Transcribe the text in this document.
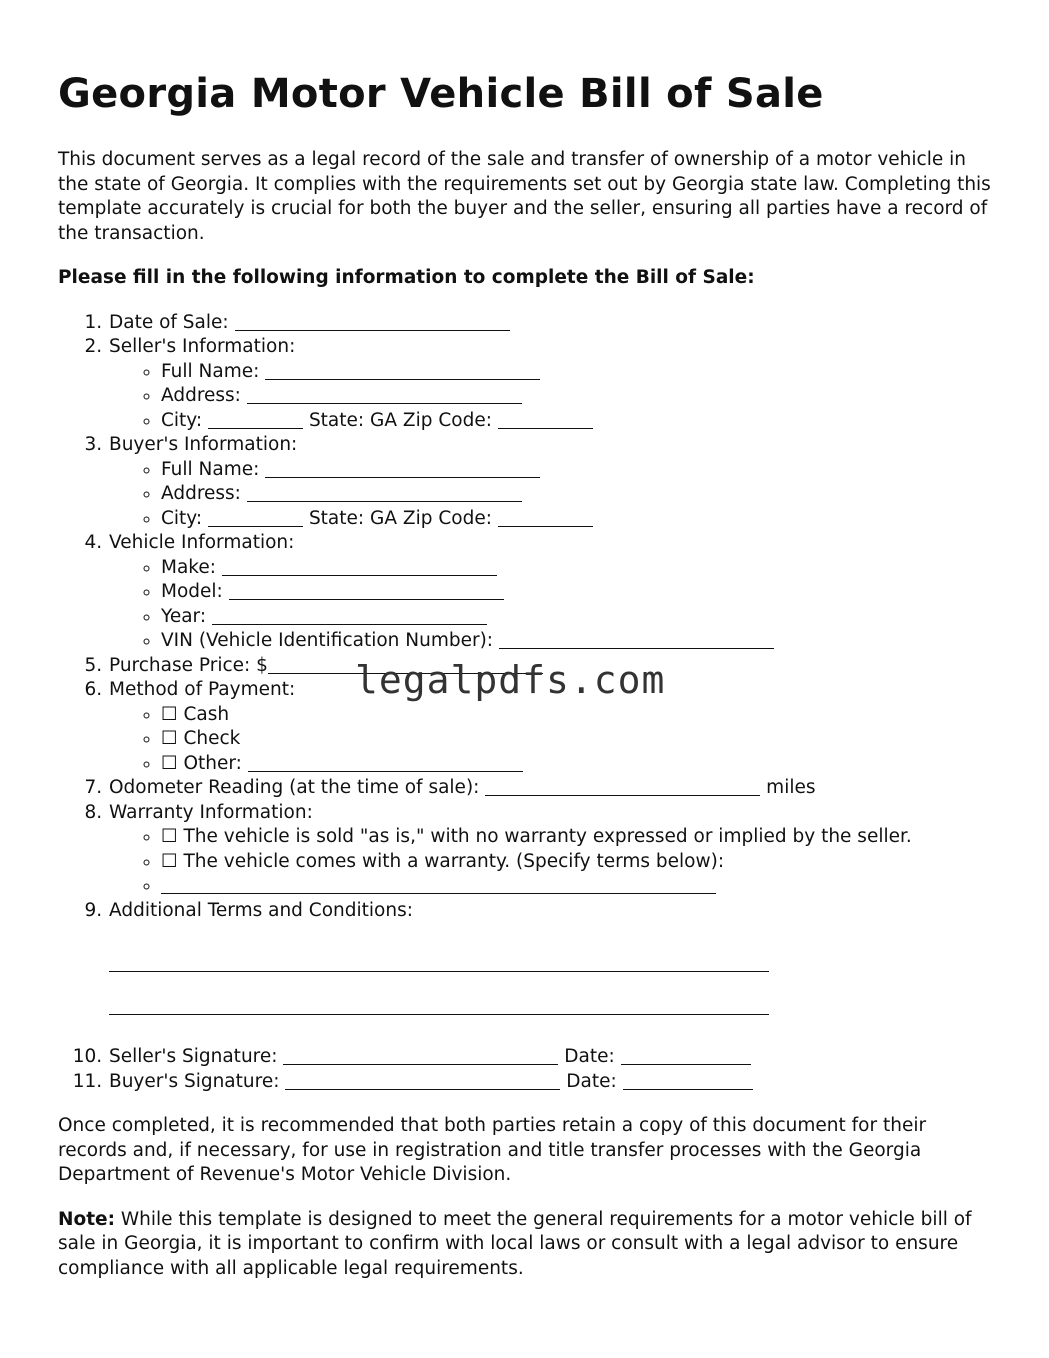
Georgia Motor Vehicle Bill of Sale

This document serves as a legal record of the sale and transfer of ownership of a motor vehicle in the state of Georgia. It complies with the requirements set out by Georgia state law. Completing this template accurately is crucial for both the buyer and the seller, ensuring all parties have a record of the transaction.

Please fill in the following information to complete the Bill of Sale:

1. Date of Sale:
2. Seller's Information:
◦ Full Name:
◦ Address:
◦ City:	State: GA Zip Code:
3. Buyer's Information:
◦ Full Name:
◦ Address:
◦ City:	State: GA Zip Code:
4. Vehicle Information:
◦ Make:
◦ Model:
◦ Year:
◦ VIN (Vehicle Identification Number):
5. Purchase Price: $
6. Method of Payment:
◦ ☐ Cash
◦ ☐ Check
◦ ☐ Other:
7. Odometer Reading (at the time of sale):	miles
8. Warranty Information:
◦ ☐ The vehicle is sold "as is," with no warranty expressed or implied by the seller.
◦ ☐ The vehicle comes with a warranty. (Specify terms below):
◦
9. Additional Terms and Conditions:
10. Seller's Signature:	Date:
11. Buyer's Signature:	Date:

Once completed, it is recommended that both parties retain a copy of this document for their records and, if necessary, for use in registration and title transfer processes with the Georgia Department of Revenue's Motor Vehicle Division.

Note: While this template is designed to meet the general requirements for a motor vehicle bill of sale in Georgia, it is important to confirm with local laws or consult with a legal advisor to ensure compliance with all applicable legal requirements.

legalpdfs.com
